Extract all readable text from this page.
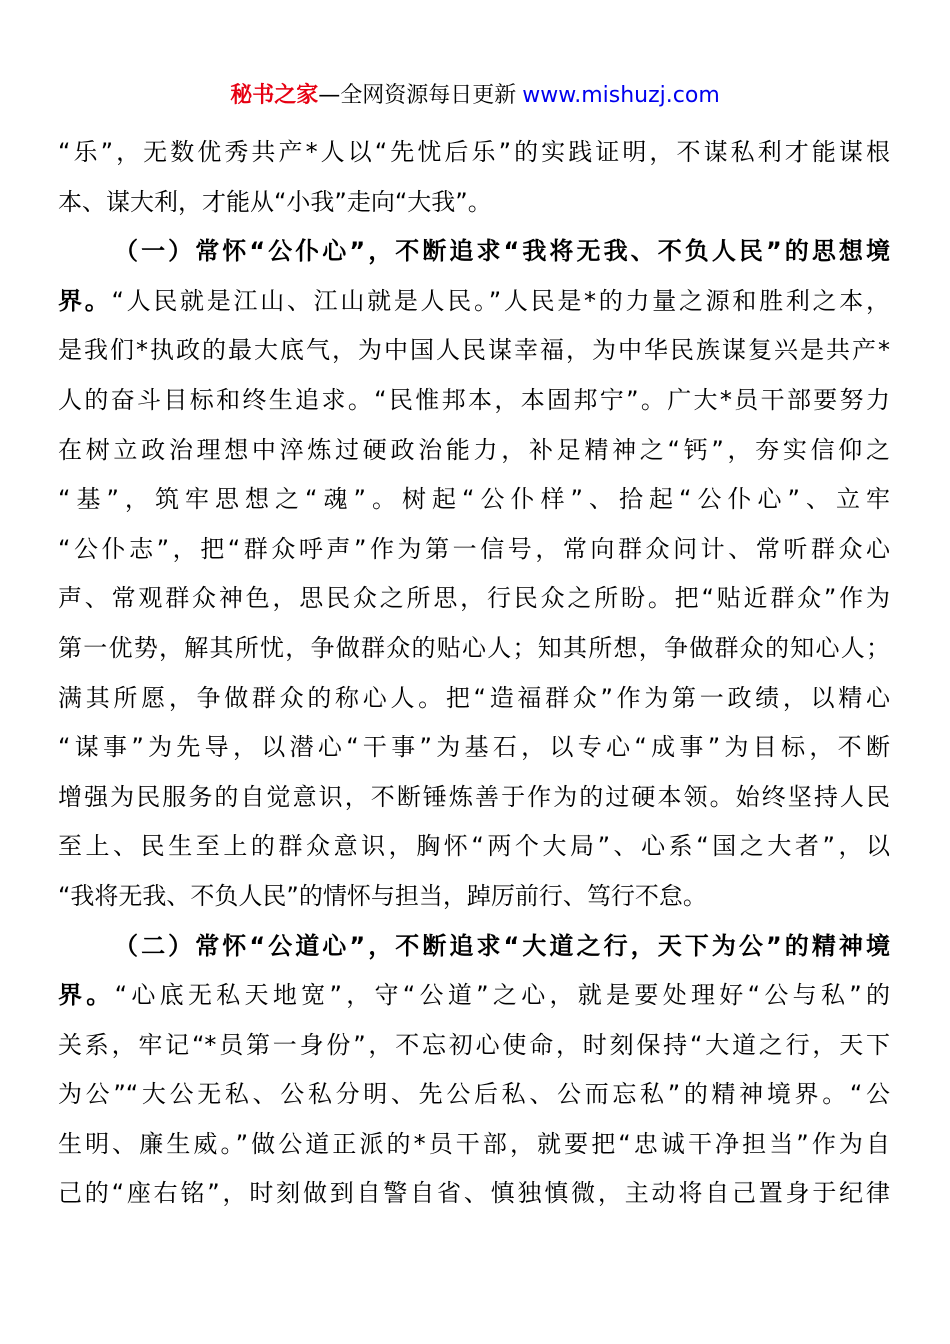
秘书之家—全网资源每日更新 www.mishuzj.com
“乐”，无数优秀共产*人以“先忧后乐”的实践证明，不谋私利才能谋根
本、谋大利，才能从“小我”走向“大我”。
（一）常怀“公仆心”，不断追求“我将无我、不负人民”的思想境
界。“人民就是江山、江山就是人民。”人民是*的力量之源和胜利之本，
是我们*执政的最大底气，为中国人民谋幸福，为中华民族谋复兴是共产*
人的奋斗目标和终生追求。“民惟邦本，本固邦宁”。广大*员干部要努力
在树立政治理想中淬炼过硬政治能力，补足精神之“钙”，夯实信仰之
“基”，筑牢思想之“魂”。树起“公仆样”、拾起“公仆心”、立牢
“公仆志”，把“群众呼声”作为第一信号，常向群众问计、常听群众心
声、常观群众神色，思民众之所思，行民众之所盼。把“贴近群众”作为
第一优势，解其所忧，争做群众的贴心人；知其所想，争做群众的知心人；
满其所愿，争做群众的称心人。把“造福群众”作为第一政绩，以精心
“谋事”为先导，以潜心“干事”为基石，以专心“成事”为目标，不断
增强为民服务的自觉意识，不断锤炼善于作为的过硬本领。始终坚持人民
至上、民生至上的群众意识，胸怀“两个大局”、心系“国之大者”，以
“我将无我、不负人民”的情怀与担当，踔厉前行、笃行不怠。
（二）常怀“公道心”，不断追求“大道之行，天下为公”的精神境
界。“心底无私天地宽”，守“公道”之心，就是要处理好“公与私”的
关系，牢记“*员第一身份”，不忘初心使命，时刻保持“大道之行，天下
为公”“大公无私、公私分明、先公后私、公而忘私”的精神境界。“公
生明、廉生威。”做公道正派的*员干部，就要把“忠诚干净担当”作为自
己的“座右铭”，时刻做到自警自省、慎独慎微，主动将自己置身于纪律
